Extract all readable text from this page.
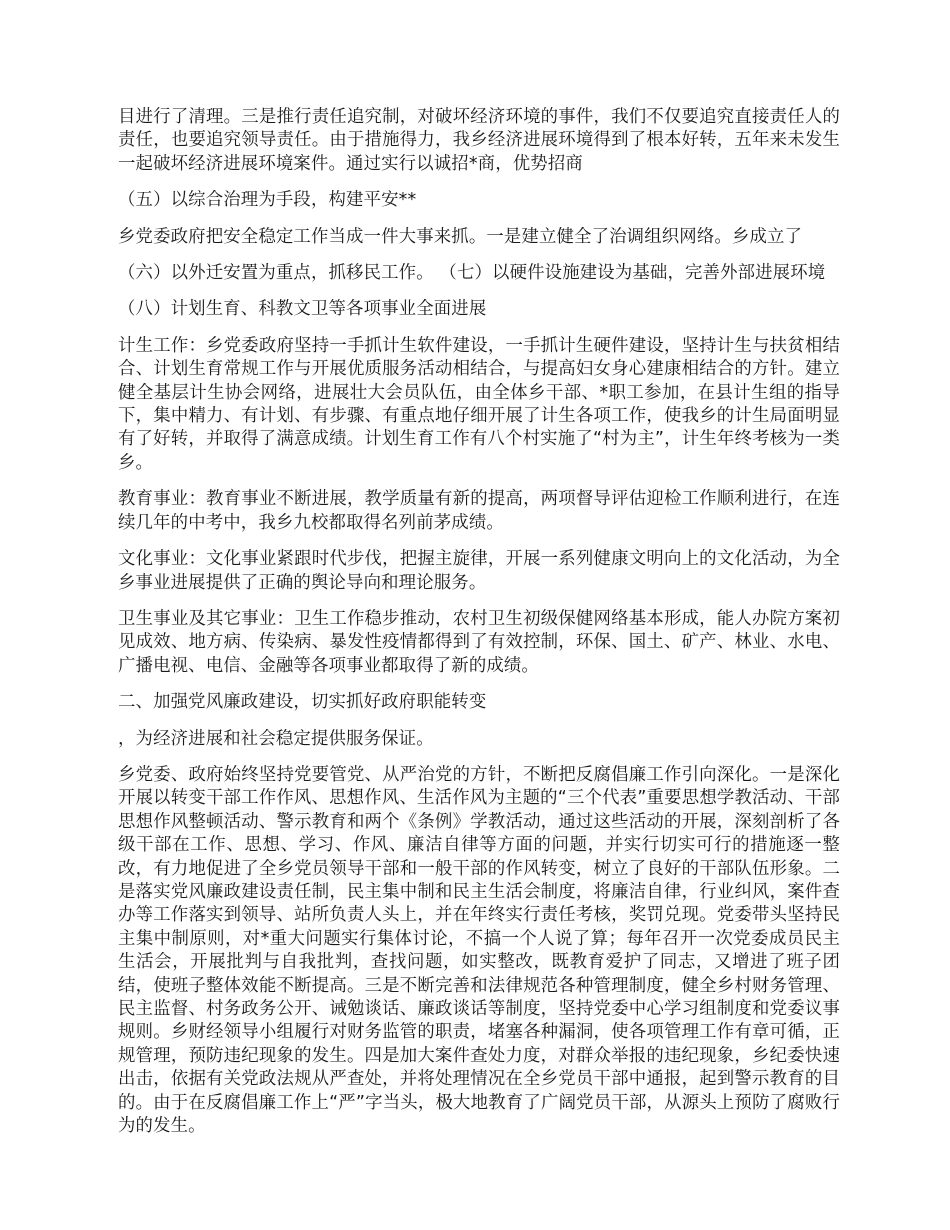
目进行了清理。三是推行责任追究制，对破坏经济环境的事件，我们不仅要追究直接责任人的责任，也要追究领导责任。由于措施得力，我乡经济进展环境得到了根本好转，五年来未发生一起破坏经济进展环境案件。通过实行以诚招*商，优势招商

（五）以综合治理为手段，构建平安**

乡党委政府把安全稳定工作当成一件大事来抓。一是建立健全了治调组织网络。乡成立了

（六）以外迁安置为重点，抓移民工作。 （七）以硬件设施建设为基础，完善外部进展环境

（八）计划生育、科教文卫等各项事业全面进展

计生工作：乡党委政府坚持一手抓计生软件建设，一手抓计生硬件建设，坚持计生与扶贫相结合、计划生育常规工作与开展优质服务活动相结合，与提高妇女身心建康相结合的方针。建立健全基层计生协会网络，进展壮大会员队伍，由全体乡干部、*职工参加，在县计生组的指导下，集中精力、有计划、有步骤、有重点地仔细开展了计生各项工作，使我乡的计生局面明显有了好转，并取得了满意成绩。计划生育工作有八个村实施了“村为主”，计生年终考核为一类乡。

教育事业：教育事业不断进展，教学质量有新的提高，两项督导评估迎检工作顺利进行，在连续几年的中考中，我乡九校都取得名列前茅成绩。

文化事业：文化事业紧跟时代步伐，把握主旋律，开展一系列健康文明向上的文化活动，为全乡事业进展提供了正确的舆论导向和理论服务。

卫生事业及其它事业：卫生工作稳步推动，农村卫生初级保健网络基本形成，能人办院方案初见成效、地方病、传染病、暴发性疫情都得到了有效控制，环保、国土、矿产、林业、水电、广播电视、电信、金融等各项事业都取得了新的成绩。

二、加强党风廉政建设，切实抓好政府职能转变

，为经济进展和社会稳定提供服务保证。

乡党委、政府始终坚持党要管党、从严治党的方针，不断把反腐倡廉工作引向深化。一是深化开展以转变干部工作作风、思想作风、生活作风为主题的“三个代表”重要思想学教活动、干部思想作风整顿活动、警示教育和两个《条例》学教活动，通过这些活动的开展，深刻剖析了各级干部在工作、思想、学习、作风、廉洁自律等方面的问题，并实行切实可行的措施逐一整改，有力地促进了全乡党员领导干部和一般干部的作风转变，树立了良好的干部队伍形象。二是落实党风廉政建设责任制，民主集中制和民主生活会制度，将廉洁自律，行业纠风，案件查办等工作落实到领导、站所负责人头上，并在年终实行责任考核，奖罚兑现。党委带头坚持民主集中制原则，对*重大问题实行集体讨论，不搞一个人说了算；每年召开一次党委成员民主生活会，开展批判与自我批判，查找问题，如实整改，既教育爱护了同志，又增进了班子团结，使班子整体效能不断提高。三是不断完善和法律规范各种管理制度，健全乡村财务管理、民主监督、村务政务公开、诫勉谈话、廉政谈话等制度，坚持党委中心学习组制度和党委议事规则。乡财经领导小组履行对财务监管的职责，堵塞各种漏洞，使各项管理工作有章可循，正规管理，预防违纪现象的发生。四是加大案件查处力度，对群众举报的违纪现象，乡纪委快速出击，依据有关党政法规从严查处，并将处理情况在全乡党员干部中通报，起到警示教育的目的。由于在反腐倡廉工作上“严”字当头，极大地教育了广阔党员干部，从源头上预防了腐败行为的发生。
